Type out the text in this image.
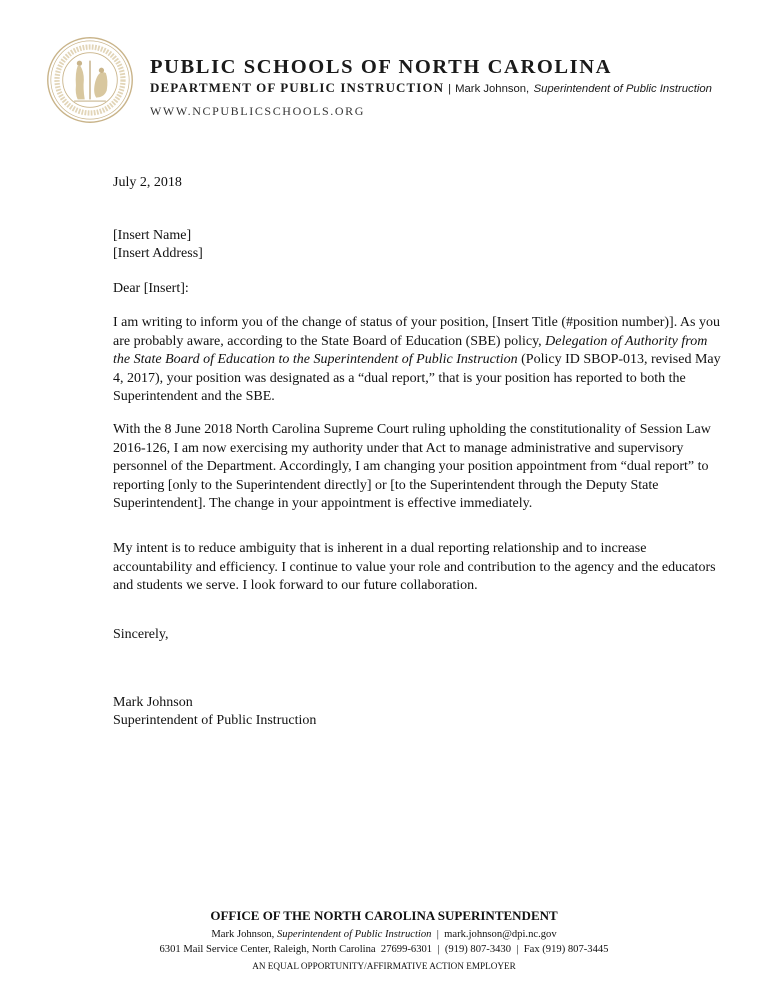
PUBLIC SCHOOLS OF NORTH CAROLINA
DEPARTMENT OF PUBLIC INSTRUCTION | Mark Johnson, Superintendent of Public Instruction
WWW.NCPUBLICSCHOOLS.ORG
July 2, 2018
[Insert Name]
[Insert Address]
Dear [Insert]:

I am writing to inform you of the change of status of your position, [Insert Title (#position number)]. As you are probably aware, according to the State Board of Education (SBE) policy, Delegation of Authority from the State Board of Education to the Superintendent of Public Instruction (Policy ID SBOP-013, revised May 4, 2017), your position was designated as a “dual report,” that is your position has reported to both the Superintendent and the SBE.

With the 8 June 2018 North Carolina Supreme Court ruling upholding the constitutionality of Session Law 2016-126, I am now exercising my authority under that Act to manage administrative and supervisory personnel of the Department. Accordingly, I am changing your position appointment from “dual report” to reporting [only to the Superintendent directly] or [to the Superintendent through the Deputy State Superintendent]. The change in your appointment is effective immediately.

My intent is to reduce ambiguity that is inherent in a dual reporting relationship and to increase accountability and efficiency. I continue to value your role and contribution to the agency and the educators and students we serve. I look forward to our future collaboration.

Sincerely,
Mark Johnson
Superintendent of Public Instruction
OFFICE OF THE NORTH CAROLINA SUPERINTENDENT
Mark Johnson, Superintendent of Public Instruction  |  mark.johnson@dpi.nc.gov
6301 Mail Service Center, Raleigh, North Carolina  27699-6301  |  (919) 807-3430  |  Fax (919) 807-3445
AN EQUAL OPPORTUNITY/AFFIRMATIVE ACTION EMPLOYER
